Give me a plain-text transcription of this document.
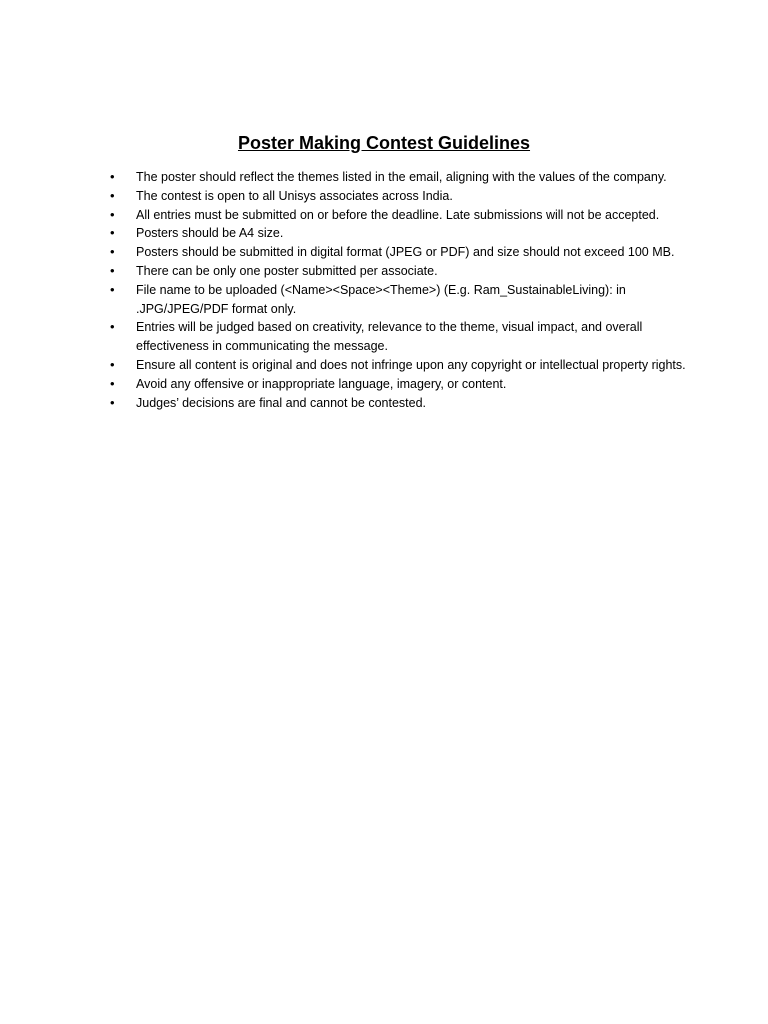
Poster Making Contest Guidelines
•	The poster should reflect the themes listed in the email, aligning with the values of the company.
•	The contest is open to all Unisys associates across India.
•	All entries must be submitted on or before the deadline. Late submissions will not be accepted.
•	Posters should be A4 size.
•	Posters should be submitted in digital format (JPEG or PDF) and size should not exceed 100 MB.
•	There can be only one poster submitted per associate.
•	File name to be uploaded (<Name><Space><Theme>) (E.g. Ram_SustainableLiving): in .JPG/JPEG/PDF format only.
•	Entries will be judged based on creativity, relevance to the theme, visual impact, and overall effectiveness in communicating the message.
•	Ensure all content is original and does not infringe upon any copyright or intellectual property rights.
•	Avoid any offensive or inappropriate language, imagery, or content.
•	Judges’ decisions are final and cannot be contested.
